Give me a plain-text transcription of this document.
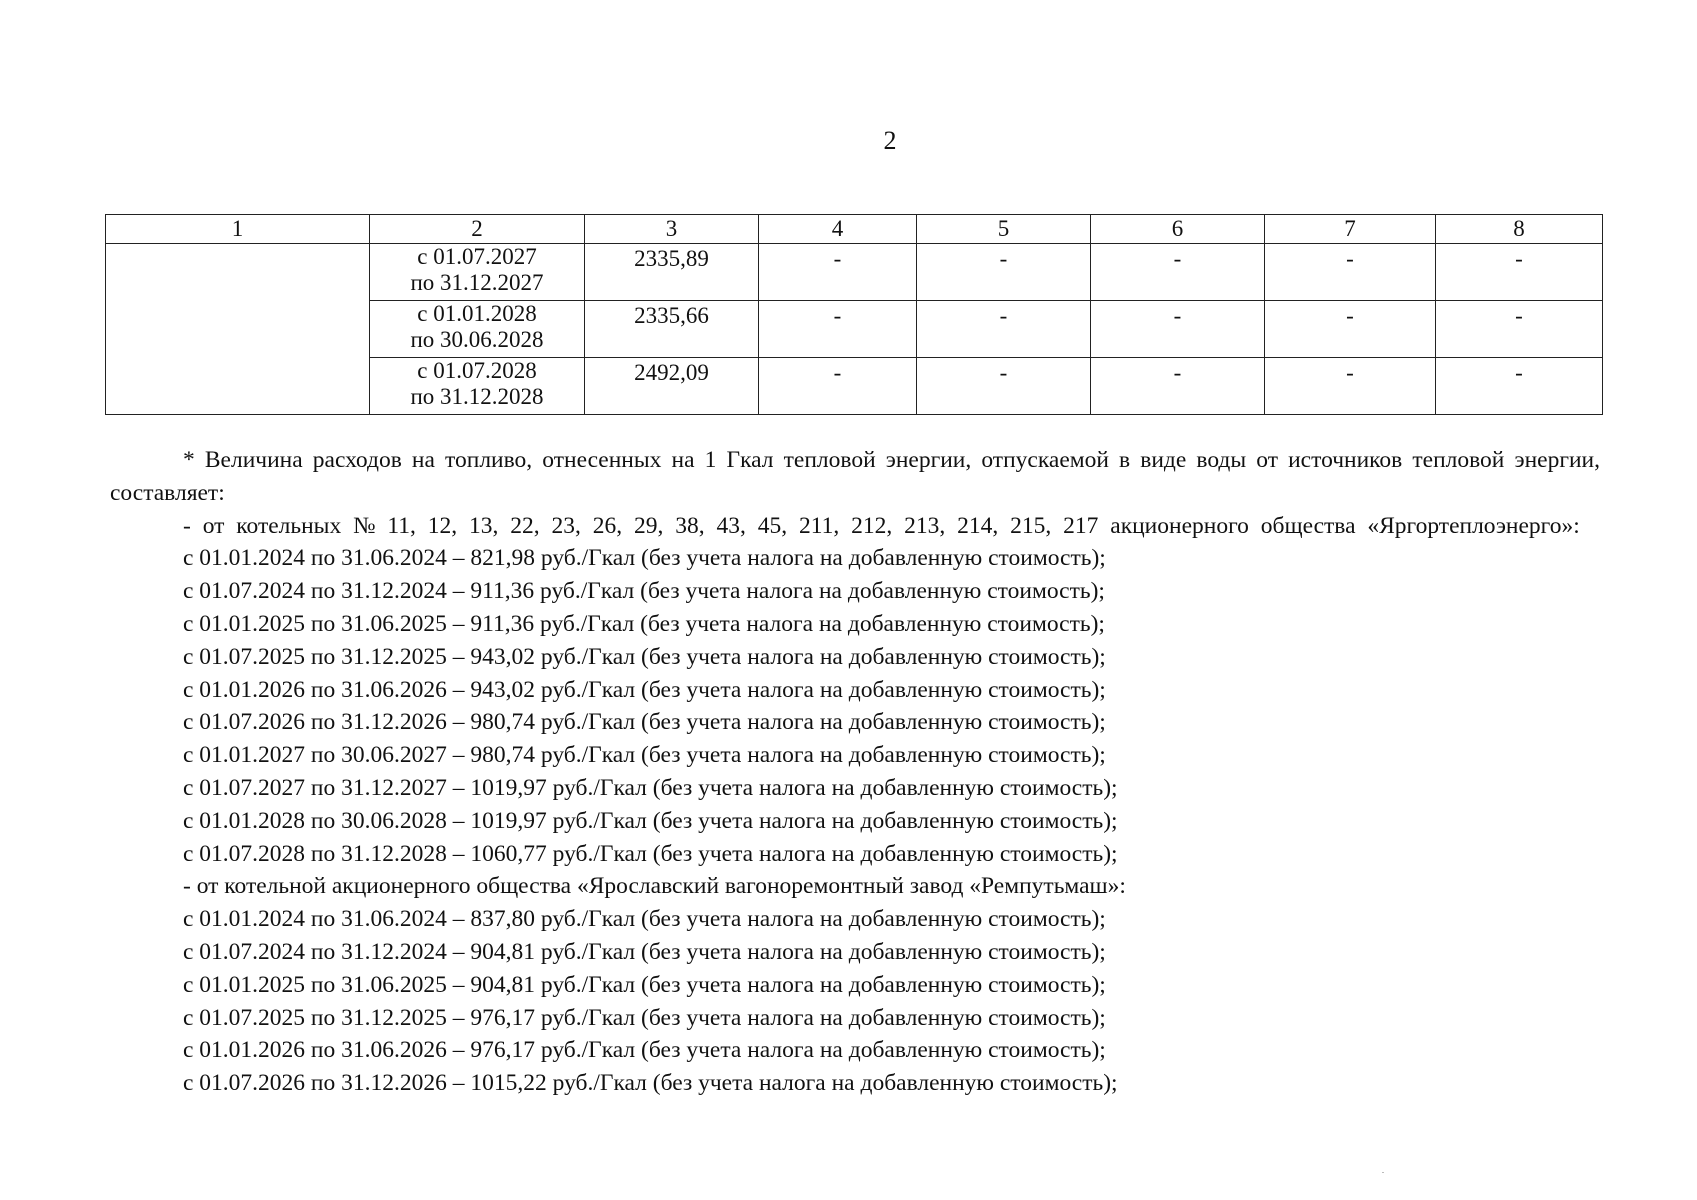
2
1	2	3	4	5	6	7	8

	с 01.07.2027
по 31.12.2027	2335,89	-	-	-	-	-

	с 01.01.2028
по 30.06.2028	2335,66	-	-	-	-	-

	с 01.07.2028
по 31.12.2028	2492,09	-	-	-	-	-

* Величина расходов на топливо, отнесенных на 1 Гкал тепловой энергии, отпускаемой в виде воды от источников тепловой энергии, составляет:

- от котельных № 11, 12, 13, 22, 23, 26, 29, 38, 43, 45, 211, 212, 213, 214, 215, 217 акционерного общества «Яргортеплоэнерго»:

с 01.01.2024 по 31.06.2024 – 821,98 руб./Гкал (без учета налога на добавленную стоимость);

с 01.07.2024 по 31.12.2024 – 911,36 руб./Гкал (без учета налога на добавленную стоимость);

с 01.01.2025 по 31.06.2025 – 911,36 руб./Гкал (без учета налога на добавленную стоимость);

с 01.07.2025 по 31.12.2025 – 943,02 руб./Гкал (без учета налога на добавленную стоимость);

с 01.01.2026 по 31.06.2026 – 943,02 руб./Гкал (без учета налога на добавленную стоимость);

с 01.07.2026 по 31.12.2026 – 980,74 руб./Гкал (без учета налога на добавленную стоимость);

с 01.01.2027 по 30.06.2027 – 980,74 руб./Гкал (без учета налога на добавленную стоимость);

с 01.07.2027 по 31.12.2027 – 1019,97 руб./Гкал (без учета налога на добавленную стоимость);

с 01.01.2028 по 30.06.2028 – 1019,97 руб./Гкал (без учета налога на добавленную стоимость);

с 01.07.2028 по 31.12.2028 – 1060,77 руб./Гкал (без учета налога на добавленную стоимость);

- от котельной акционерного общества «Ярославский вагоноремонтный завод «Ремпутьмаш»:

с 01.01.2024 по 31.06.2024 – 837,80 руб./Гкал (без учета налога на добавленную стоимость);

с 01.07.2024 по 31.12.2024 – 904,81 руб./Гкал (без учета налога на добавленную стоимость);

с 01.01.2025 по 31.06.2025 – 904,81 руб./Гкал (без учета налога на добавленную стоимость);

с 01.07.2025 по 31.12.2025 – 976,17 руб./Гкал (без учета налога на добавленную стоимость);

с 01.01.2026 по 31.06.2026 – 976,17 руб./Гкал (без учета налога на добавленную стоимость);

с 01.07.2026 по 31.12.2026 – 1015,22 руб./Гкал (без учета налога на добавленную стоимость);
